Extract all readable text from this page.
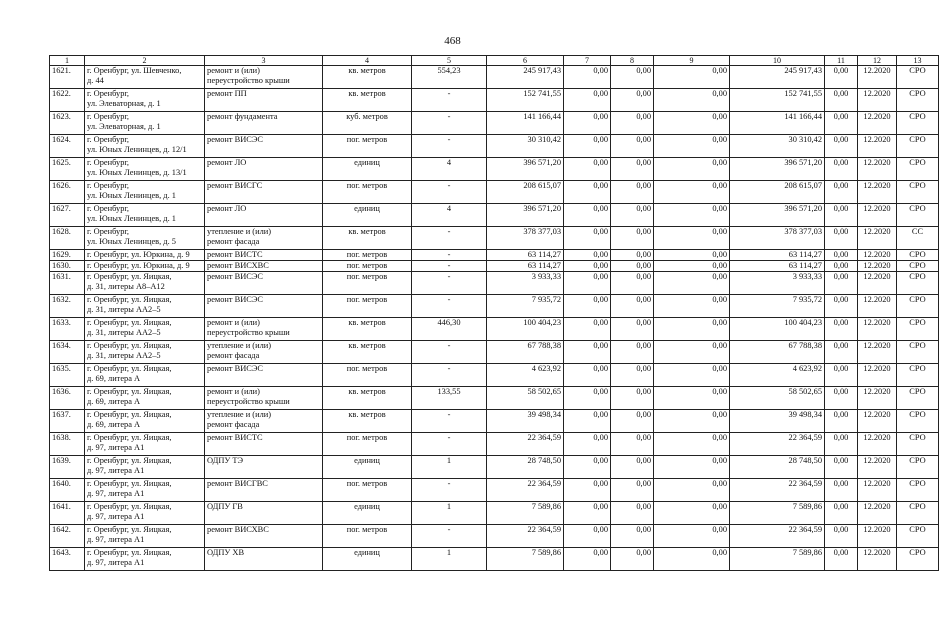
468
1	2	3	4	5	6	7	8	9	10	11	12	13
1621.	г. Оренбург, ул. Шевченко,
д. 44	ремонт и (или)
переустройство крыши	кв. метров	554,23	245 917,43	0,00	0,00	0,00	245 917,43	0,00	12.2020	СРО
1622.	г. Оренбург,
ул. Элеваторная, д. 1	ремонт ПП	кв. метров	-	152 741,55	0,00	0,00	0,00	152 741,55	0,00	12.2020	СРО
1623.	г. Оренбург,
ул. Элеваторная, д. 1	ремонт фундамента	куб. метров	-	141 166,44	0,00	0,00	0,00	141 166,44	0,00	12.2020	СРО
1624.	г. Оренбург,
ул. Юных Ленинцев, д. 12/1	ремонт ВИСЭС	пог. метров	-	30 310,42	0,00	0,00	0,00	30 310,42	0,00	12.2020	СРО
1625.	г. Оренбург,
ул. Юных Ленинцев, д. 13/1	ремонт ЛО	единиц	4	396 571,20	0,00	0,00	0,00	396 571,20	0,00	12.2020	СРО
1626.	г. Оренбург,
ул. Юных Ленинцев, д. 1	ремонт ВИСГС	пог. метров	-	208 615,07	0,00	0,00	0,00	208 615,07	0,00	12.2020	СРО
1627.	г. Оренбург,
ул. Юных Ленинцев, д. 1	ремонт ЛО	единиц	4	396 571,20	0,00	0,00	0,00	396 571,20	0,00	12.2020	СРО
1628.	г. Оренбург,
ул. Юных Ленинцев, д. 5	утепление и (или)
ремонт фасада	кв. метров	-	378 377,03	0,00	0,00	0,00	378 377,03	0,00	12.2020	СС
1629.	г. Оренбург, ул. Юркина, д. 9	ремонт ВИСТС	пог. метров	-	63 114,27	0,00	0,00	0,00	63 114,27	0,00	12.2020	СРО
1630.	г. Оренбург, ул. Юркина, д. 9	ремонт ВИСХВС	пог. метров	-	63 114,27	0,00	0,00	0,00	63 114,27	0,00	12.2020	СРО
1631.	г. Оренбург, ул. Яицкая,
д. 31, литеры А8–А12	ремонт ВИСЭС	пог. метров	-	3 933,33	0,00	0,00	0,00	3 933,33	0,00	12.2020	СРО
1632.	г. Оренбург, ул. Яицкая,
д. 31, литеры АА2–5	ремонт ВИСЭС	пог. метров	-	7 935,72	0,00	0,00	0,00	7 935,72	0,00	12.2020	СРО
1633.	г. Оренбург, ул. Яицкая,
д. 31, литеры АА2–5	ремонт и (или)
переустройство крыши	кв. метров	446,30	100 404,23	0,00	0,00	0,00	100 404,23	0,00	12.2020	СРО
1634.	г. Оренбург, ул. Яицкая,
д. 31, литеры АА2–5	утепление и (или)
ремонт фасада	кв. метров	-	67 788,38	0,00	0,00	0,00	67 788,38	0,00	12.2020	СРО
1635.	г. Оренбург, ул. Яицкая,
д. 69, литера А	ремонт ВИСЭС	пог. метров	-	4 623,92	0,00	0,00	0,00	4 623,92	0,00	12.2020	СРО
1636.	г. Оренбург, ул. Яицкая,
д. 69, литера А	ремонт и (или)
переустройство крыши	кв. метров	133,55	58 502,65	0,00	0,00	0,00	58 502,65	0,00	12.2020	СРО
1637.	г. Оренбург, ул. Яицкая,
д. 69, литера А	утепление и (или)
ремонт фасада	кв. метров	-	39 498,34	0,00	0,00	0,00	39 498,34	0,00	12.2020	СРО
1638.	г. Оренбург, ул. Яицкая,
д. 97, литера А1	ремонт ВИСТС	пог. метров	-	22 364,59	0,00	0,00	0,00	22 364,59	0,00	12.2020	СРО
1639.	г. Оренбург, ул. Яицкая,
д. 97, литера А1	ОДПУ ТЭ	единиц	1	28 748,50	0,00	0,00	0,00	28 748,50	0,00	12.2020	СРО
1640.	г. Оренбург, ул. Яицкая,
д. 97, литера А1	ремонт ВИСГВС	пог. метров	-	22 364,59	0,00	0,00	0,00	22 364,59	0,00	12.2020	СРО
1641.	г. Оренбург, ул. Яицкая,
д. 97, литера А1	ОДПУ ГВ	единиц	1	7 589,86	0,00	0,00	0,00	7 589,86	0,00	12.2020	СРО
1642.	г. Оренбург, ул. Яицкая,
д. 97, литера А1	ремонт ВИСХВС	пог. метров	-	22 364,59	0,00	0,00	0,00	22 364,59	0,00	12.2020	СРО
1643.	г. Оренбург, ул. Яицкая,
д. 97, литера А1	ОДПУ ХВ	единиц	1	7 589,86	0,00	0,00	0,00	7 589,86	0,00	12.2020	СРО
